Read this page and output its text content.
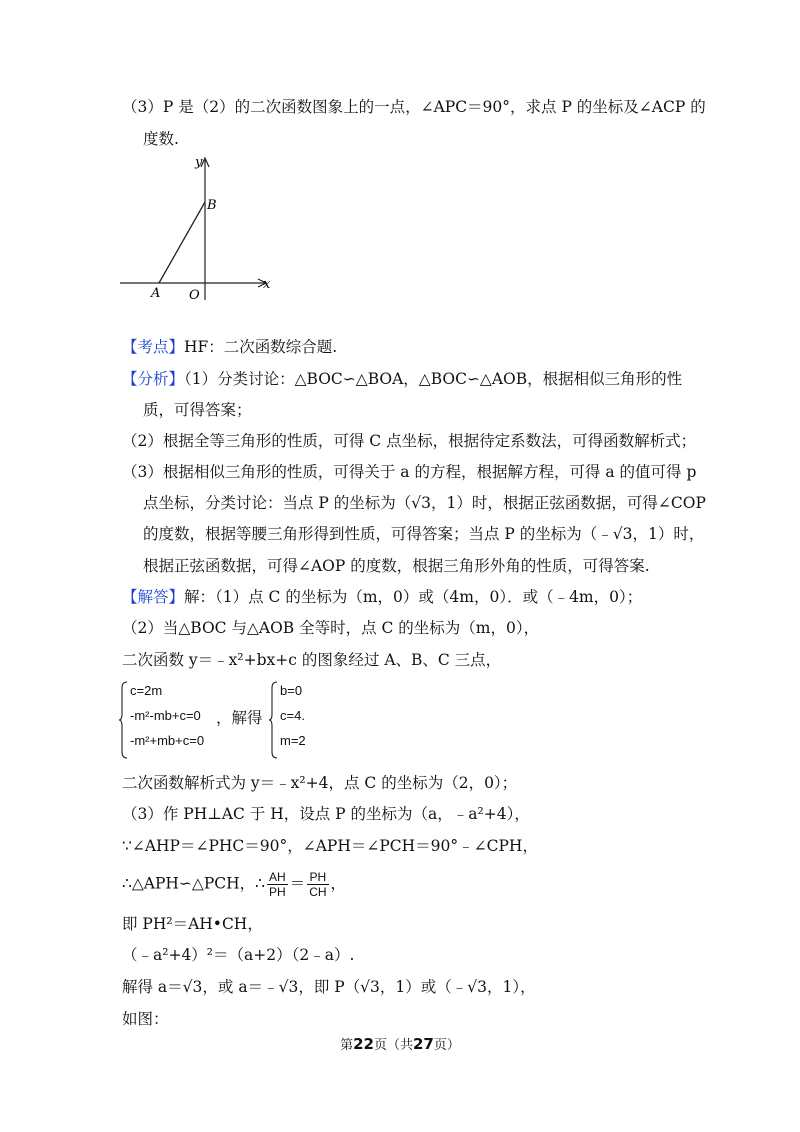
（3）P 是（2）的二次函数图象上的一点，∠APC＝90°，求点 P 的坐标及∠ACP 的
度数.
y
x
A O
B
【考点】HF：二次函数综合题.
【分析】（1）分类讨论：△BOC∽△BOA，△BOC∽△AOB，根据相似三角形的性
质，可得答案；
（2）根据全等三角形的性质，可得 C 点坐标，根据待定系数法，可得函数解析式；
（3）根据相似三角形的性质，可得关于 a 的方程，根据解方程，可得 a 的值可得 p
点坐标，分类讨论：当点 P 的坐标为（√3，1）时，根据正弦函数据，可得∠COP
的度数，根据等腰三角形得到性质，可得答案；当点 P 的坐标为（﹣√3，1）时，
根据正弦函数据，可得∠AOP 的度数，根据三角形外角的性质，可得答案.
【解答】解：（1）点 C 的坐标为（m，0）或（4m，0）．或（﹣4m，0）；
（2）当△BOC 与△AOB 全等时，点 C 的坐标为（m，0），
二次函数 y＝﹣x²+bx+c 的图象经过 A、B、C 三点，
c=2m
-m²-mb+c=0
-m²+mb+c=0
，解得
b=0
c=4.
m=2
二次函数解析式为 y＝﹣x²+4，点 C 的坐标为（2，0）；
（3）作 PH⊥AC 于 H，设点 P 的坐标为（a，﹣a²+4），
∵∠AHP＝∠PHC＝90°，∠APH＝∠PCH＝90°﹣∠CPH，
∴△APH∽△PCH，∴ $\frac{AH}{PH} = \frac{PH}{CH}$ ，
即 PH²＝AH•CH，
（﹣a²+4）²＝（a+2）（2﹣a）.
解得 a＝√3，或 a＝﹣√3，即 P（√3，1）或（﹣√3，1），
如图：
第22页（共27页）
